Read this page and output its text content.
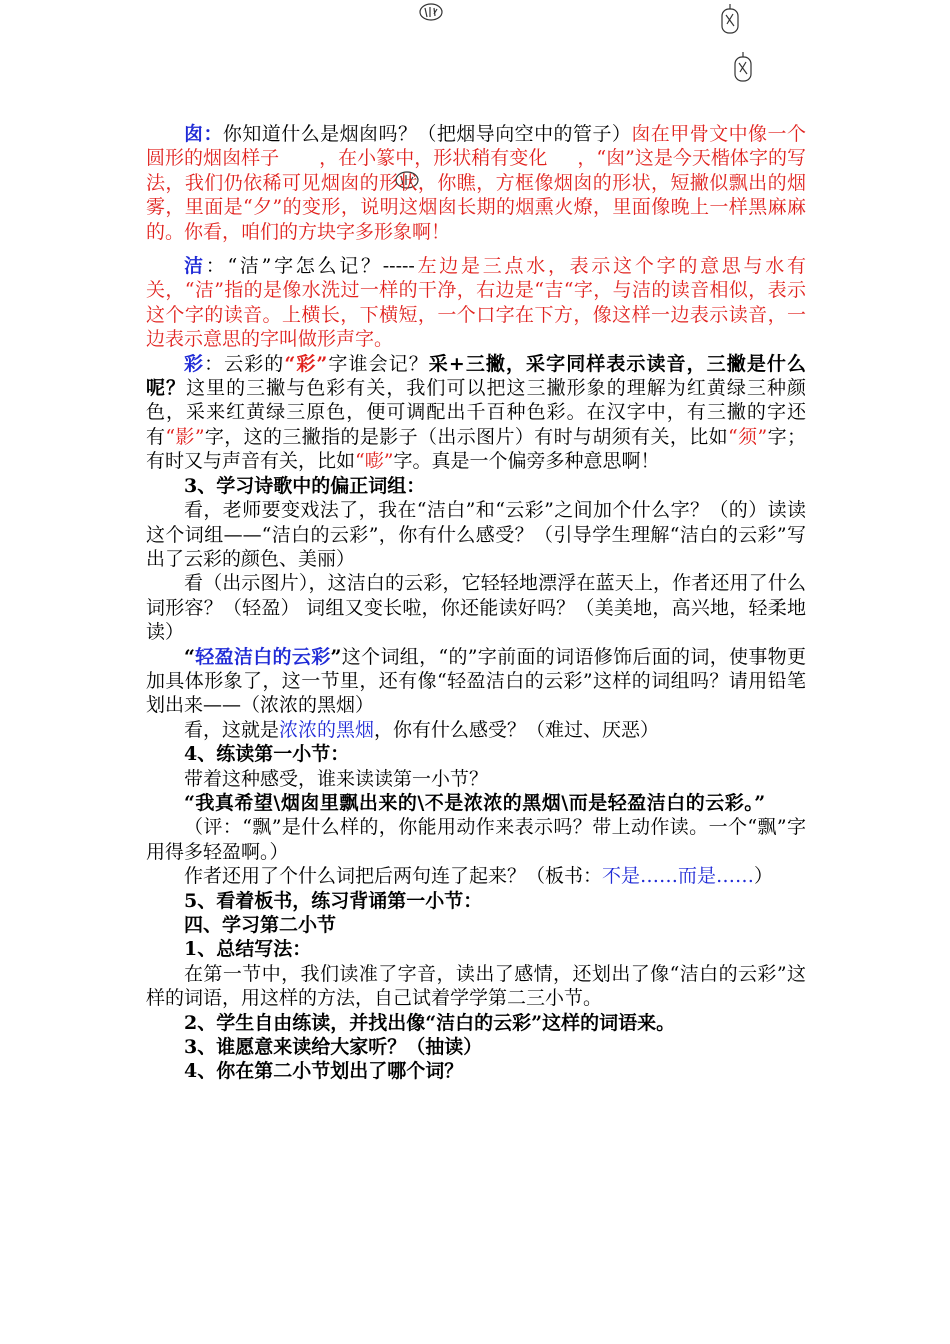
囱：你知道什么是烟囱吗？（把烟导向空中的管子）囱在甲骨文中像一个圆形的烟囱样子 ，在小篆中，形状稍有变化 ，“囱”这是今天楷体字的写法，我们仍依稀可见烟囱的形状，你瞧，方框像烟囱的形状，短撇似飘出的烟雾，里面是“夕”的变形，说明这烟囱长期的烟熏火燎，里面像晚上一样黑麻麻的。你看，咱们的方块字多形象啊！

洁：“洁”字怎么记？-----左边是三点水，表示这个字的意思与水有关，“洁”指的是像水洗过一样的干净，右边是“吉“字，与洁的读音相似，表示这个字的读音。上横长，下横短，一个口字在下方，像这样一边表示读音，一边表示意思的字叫做形声字。

彩：云彩的“彩”字谁会记？采+三撇，采字同样表示读音，三撇是什么呢？这里的三撇与色彩有关，我们可以把这三撇形象的理解为红黄绿三种颜色，采来红黄绿三原色，便可调配出千百种色彩。在汉字中，有三撇的字还有“影”字，这的三撇指的是影子（出示图片）有时与胡须有关，比如“须”字；有时又与声音有关，比如“嘭”字。真是一个偏旁多种意思啊！

3、学习诗歌中的偏正词组：

看，老师要变戏法了，我在“洁白”和“云彩”之间加个什么字？（的）读读这个词组——“洁白的云彩”，你有什么感受？（引导学生理解“洁白的云彩”写出了云彩的颜色、美丽）

看（出示图片），这洁白的云彩，它轻轻地漂浮在蓝天上，作者还用了什么词形容？（轻盈） 词组又变长啦，你还能读好吗？（美美地，高兴地，轻柔地读）

“轻盈洁白的云彩”这个词组，“的”字前面的词语修饰后面的词，使事物更加具体形象了，这一节里，还有像“轻盈洁白的云彩”这样的词组吗？请用铅笔划出来——（浓浓的黑烟）

看，这就是浓浓的黑烟，你有什么感受？（难过、厌恶）

4、练读第一小节：

带着这种感受，谁来读读第一小节？

“我真希望\烟囱里飘出来的\不是浓浓的黑烟\而是轻盈洁白的云彩。”

（评：“飘”是什么样的，你能用动作来表示吗？带上动作读。一个“飘”字用得多轻盈啊。）

作者还用了个什么词把后两句连了起来？（板书：不是……而是……）

5、看着板书，练习背诵第一小节：

四、学习第二小节

1、总结写法：

在第一节中，我们读准了字音，读出了感情，还划出了像“洁白的云彩”这样的词语，用这样的方法，自己试着学学第二三小节。

2、学生自由练读，并找出像“洁白的云彩”这样的词语来。

3、谁愿意来读给大家听？（抽读）

4、你在第二小节划出了哪个词？
